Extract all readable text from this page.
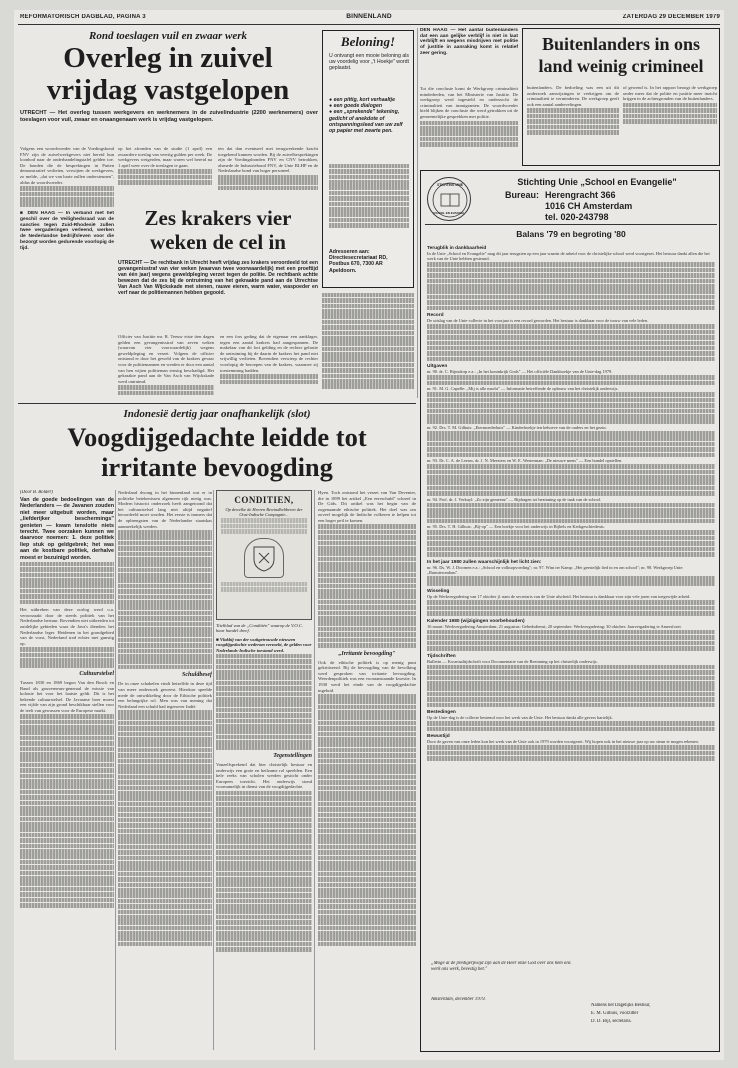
REFORMATORISCH DAGBLAD, PAGINA 3	BINNENLAND	ZATERDAG 29 DECEMBER 1979
Rond toeslagen vuil en zwaar werk
Overleg in zuivel
vrijdag vastgelopen
UTRECHT — Het overleg tussen werkgevers en werknemers in de zuivelindustrie (2200 werknemers) over toeslagen voor vuil, zwaar en onaangenaam werk is vrijdag vastgelopen.

Volgens een woordvoerder van de Voedingsbond FNV zijn de zuivelwerkgevers niet bereid hun loonbod naar de onderhandelingstafel gelden toe. De bonden die de besprekingen in Putten demonstratief verlieten, verwijten de werkgevers, zo melde, „dat we van harte zullen ondersteunen", aldus de woordvoerder.

■ DEN HAAG — In verband met het geschil over de Veilighedsraad van de sancties tegen Zuid-Rhodesië zullen twee vergaderingen verleend, werken de Nederlandse bedrijfsleven voor die bezorgt worden gedurende voorlopig de tijd.

op het afronden van de studie (1 april) een zwaardere toeslag van veertig gulden per week. De werkgevers weigerden, maar waren wel bereid na 1 april weer over de toeslagen te gaan.

ten dat dan eventueel met terugwerkende kracht toegekend kunnen worden. Bij de zuivelbesprekingen zijn de Voedingsbonden FNV en CNV betrokken, alsmede de Industriebond FNV, de Unie BLHP en de Nederlandse bond van hoger personeel.

Zes krakers vier
weken de cel in
UTRECHT — De rechtbank in Utrecht heeft vrijdag zes krakers veroordeeld tot een gevangenisstraf van vier weken (waarvan twee voorwaardelijk) met een proeftijd van één jaar) wegens geweldpleging verzet tegen de politie. De rechtbank achtte bewezen dat de zes bij de ontruiming van het gekraakte pand aan de Utrechtse Van Asch Van Wijckskade met stenen, rauwe eieren, warm water, waspoeder en verf naar de politiemannen hebben gegooid.

Officier van Justitie mr. R. Teeuw eiste tien dagen gelden een gevangenisstraf van zeven weken (waarvan vier voorwaardelijk) wegens geweldpleging en verzet. Volgens de officier ontstond er door het geweld van de krakers gevaar voor de politiemannen en werden er door een aantal van hen wijten politieman ernstig beschadigd. Het gekraakte pand aan de Van Asch van Wijckskade werd ontruimd.

en een fors geding dat de eigenaar een aanklager, tegen een aantal krakers had aangespannen. De makelaar van dit fort gelding en de rechter gelastte de ontruiming bij de daarin de krakers het pand niet vrijwillig verlieten. Bovendien verwierp de rechter voorlopig de beroepen van de krakers, waarmee zij toestemming hadden.

Beloning!
U ontvangt een mooie beloning als uw voordelig voor „'t Hoekje" wordt geplaatst.
● een pittig, kort verhaaltje
● een goede dialogen
● een „sprekende" tekening, gedicht of anekdote of ontspanningsleed van uw zelf op papier met zwarte pen.
Adresseren aan: Directiesecretariaat RD, Postbus 670, 7300 AR Apeldoorn.
DEN HAAG — Het aantal buitenlanders dat een aan gelijke verblijf is niet in laat verblijft en wegens misdrijven met politie of justitie in aanraking komt is relatief zeer gering.

Tot die conclusie komt de Werkgroep criminaliteit minderheden, van het Ministerie van Justitie. De werkgroep werd ingesteld en onderzocht de criminaliteit van immigranten. De woordvoerder hield blijken de conclusie die werd getrokken uit de gemeentelijke gesprekken met politie.

Buitenlanders in ons
land weinig crimineel

buitenlanders. De bedoeling was een uit dit onderzoek aanwijzingen te verkrijgen om de criminaliteit te verminderen. De werkgroep geeft ook een aantal aanbevelingen.

of gewend is. In het rapport beoogt de werkgroep onder meer dat de politie en justitie meer inzicht krijgen in de achtergronden van de buitenlanders.

STICHTING UNIE
SCHOOL EN EVANGELIE
Stichting Unie „School en Evangelie"
Bureau: Herengracht 366
1016 CH Amsterdam
tel. 020-243798
Balans '79 en begroting '80
Terugblik in dankbaarheid
In de Unie „School en Evangelie" mag dit jaar terugzien op een jaar waarin de arbeid voor de christelijke school werd voortgezet. Het bestuur dankt allen die het werk van de Unie hebben gesteund.
Record
De uitslag van de Unie-collecte in het voorjaar is een record geworden. Het bestuur is dankbaar voor de trouw van vele leden.
Uitgaven
nr. 90. dr. C. Rijnsdorp e.a.: „In het koninkrijk Gods" — Het officiële Dankboekje van de Unie-dag 1979.
nr. 91. M. G. Capelle: „Mij is alle macht" — Informatie betreffende de opbouw van het christelijk onderwijs.
nr. 92. Drs. T. M. Gilhuis: „Eiermoederhuis" — Kinderboekje ten behoeve van de ouders en het gezin.
nr. 93. Dr. C. A. de Leeuw, dr. J. N. Meesters en W. E. Westerman: „De nieuwe mens" — Een bundel opstellen.
nr. 94. Prof. dr. J. Verkuyl: „Zo zijn gemeenz" — Bijdragen tot bezinning op de taak van de school.
nr. 95. Drs. T. H. Gilhuis: „Bij-op" — Een boekje voor het onderwijs in Bijbels en Kerkgeschiedenis.
In het jaar 1980 zullen waarschijnlijk het licht zien:
nr. 96. Ds. W. J. Doornen e.a.: „School en volksopvoeding"; nr. 97. Wim ter Kamp: „Het geestelijk lied in en om school"; nr. 98. Werkgroep Unie: „Ruimterondom".
Wisseling
Op de Werkvergadering van 17 oktober jl. nam de secretaris van de Unie afscheid. Het bestuur is dankbaar voor zijn vele jaren van toegewijde arbeid.
Kalender 1980 (wijzigingen voorbehouden)
16 maart: Werkvergadering Amsterdam; 21 augustus: Gebedsdienst; 20 september: Werkvergadering; 30 oktober: Jaarvergadering te Amersfoort.
Tijdschriften
Bulletin — Kwartaaltijdschrift voor Documentatie van de Bezinning op het christelijk onderwijs.
Bestedingen
Op de Unie-dag is de collecte bestemd voor het werk van de Unie. Het bestuur dankt alle gevers hartelijk.
Bewustijd
Door de gaven van onze leden kon het werk van de Unie ook in 1979 worden voortgezet. Wij hopen ook in het nieuwe jaar op uw steun te mogen rekenen.
„Moge al de predigerpwijd zijn aan de Heer onze God over ons hem ons werk ons werk, bevestig het."
Amsterdam, december 1979.
Namens het Dagelijks Bestuur,
E. M. Gilhuis, voorzitter
D. D. Bijl, secretaris.
Indonesië dertig jaar onafhankelijk (slot)
Voogdijgedachte leidde tot
irritante bevoogding
(Door B. Bolder)
Van de goede bedoelingen van de Nederlanders — de Javanen zouden niet meer uitgebuit worden, maar „liefderijker beschermings" genieten — kwam tenslotte niets terecht. Twee oorzaken kunnen we daarvoor noemen: 1. deze politiek liep stuk op geldgebrek; het was aan de kostbare politiek, derhalve moest er bezuinigd worden.
Het uitbreken van deze oorlog werd o.a. veroorzaakt door de steeds politiek van het Nederlandse bestuur. Bovendien niet uitbreiden tot zuidelijke gebieden waar de Java's dienden: het Nederlandse leger. Heidenen in het grondgebied van de vorst, Nederland trad echter met gunstig op.
Cultuurstelsel
Tussen 1830 en 1869 begon Van den Bosch en Baud als gouverneurs-generaal de missie van kolonie het voor het laatste geldt. Dit is het bekende cultuurstelsel. De Javaanse boer moest een vijfde van zijn grond beschikbaar stellen voor de teelt van gewassen voor de Europese markt.
Nederland dwong in het binnenland wat er in politieke betekenissen algemeen rijk nietig was. Modern historici onderzoek heeft aangetoond dat het cultuurstelsel lang niet altijd negatief beoordeeld moet worden. Het eerste is immers dat de opbrengsten van de Nederlandse staatskas aanmerkelijk werden.
Schuldbesef
De in onze schakelen vindt hetzelfde in deze tijd van meer onderzoek geweest. Hierdoor speelde mede de ontwikkeling door de Ethische politiek een belangrijke rol. Men was van mening dat Nederland een schuld had tegenover Indië.
CONDITIEN,
Op dewelke de Heeren Bewindhebberen der Oost-Indische Compagnie...
Titelblad van de „Conditiën" waarop de V.O.C. haar handel dreef.
■ Vlakbij van der wuitgetrouwde nieuwen voogdijgedachte wederom verzoekt, de gelden voor Nederlands-Indische toestand werd.
Tegenstellingen
Vanzelfsprekend dat hier christelijk bestuur en onderwijs een grote en heilzame rol speelden. Een hele reeks van scholen werden gesticht onder Europees toezicht. Het onderwijs stond voornamelijk in dienst van de voogdijgedachte.
Hyen. Toch ontstond het verzet van Van Deventer, die in 1899 het artikel „Een eereschuld" schreef in De Gids. Dit artikel was het begin van de zogenaamde ethische politiek. Het doel was om zoveel mogelijk de Indische volkeren te helpen tot een hoger peil te komen.
„Irritante bevoogding"
Ook de ethische politiek is op menig punt gekritiseerd. Bij de bevoogding van de bevolking werd gesproken van irritante bevoogding. Weerdenpolitiek was een vooraanstaande kwestie. In 1930 werd het einde van de voogdijgedachte ingeluid.
